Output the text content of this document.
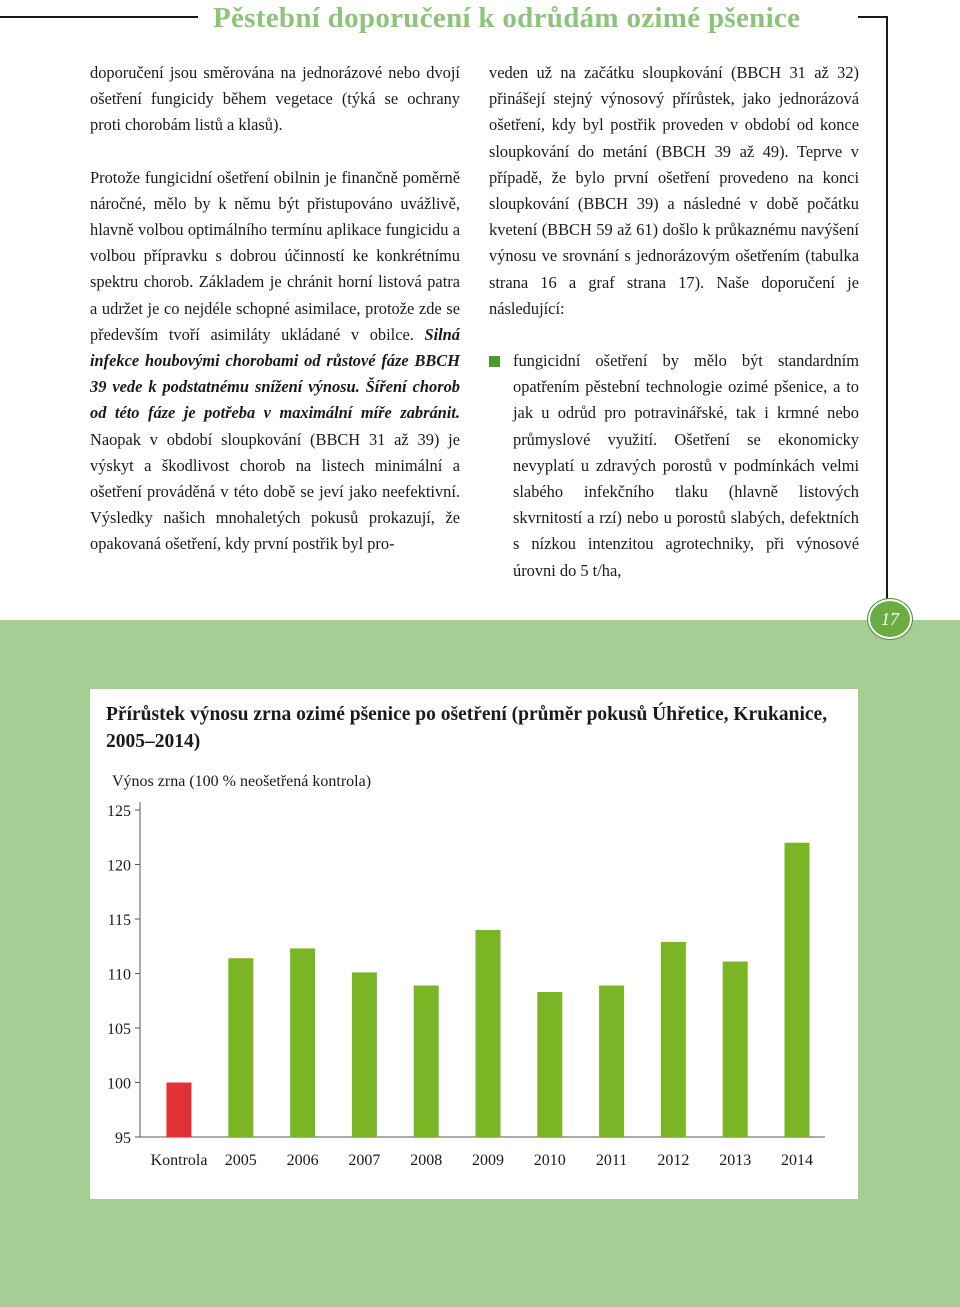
Pěstební doporučení k odrůdám ozimé pšenice

doporučení jsou směrována na jednorázové nebo dvojí ošetření fungicidy během vegetace (týká se ochrany proti chorobám listů a klasů).

Protože fungicidní ošetření obilnin je finančně poměrně náročné, mělo by k němu být přistupováno uvážlivě, hlavně volbou optimálního termínu aplikace fungicidu a volbou přípravku s dobrou účinností ke konkrétnímu spektru chorob. Základem je chránit horní listová patra a udržet je co nejdéle schopné asimilace, protože zde se především tvoří asimiláty ukládané v obilce. Silná infekce houbovými chorobami od růstové fáze BBCH 39 vede k podstatnému snížení výnosu. Šíření chorob od této fáze je potřeba v maximální míře zabránit. Naopak v období sloupkování (BBCH 31 až 39) je výskyt a škodlivost chorob na listech minimální a ošetření prováděná v této době se jeví jako neefektivní. Výsledky našich mnohaletých pokusů prokazují, že opakovaná ošetření, kdy první postřik byl pro-

veden už na začátku sloupkování (BBCH 31 až 32) přinášejí stejný výnosový přírůstek, jako jednorázová ošetření, kdy byl postřik proveden v období od konce sloupkování do metání (BBCH 39 až 49). Teprve v případě, že bylo první ošetření provedeno na konci sloupkování (BBCH 39) a následné v době počátku kvetení (BBCH 59 až 61) došlo k průkaznému navýšení výnosu ve srovnání s jednorázovým ošetřením (tabulka strana 16 a graf strana 17). Naše doporučení je následující:

fungicidní ošetření by mělo být standardním opatřením pěstební technologie ozimé pšenice, a to jak u odrůd pro potravinářské, tak i krmné nebo průmyslové využití. Ošetření se ekonomicky nevyplatí u zdravých porostů v podmínkách velmi slabého infekčního tlaku (hlavně listových skvrnitostí a rzí) nebo u porostů slabých, defektních s nízkou intenzitou agrotechniky, při výnosové úrovni do 5 t/ha,

17
Přírůstek výnosu zrna ozimé pšenice po ošetření (průměr pokusů Úhřetice, Krukanice, 2005–2014)
Výnos zrna (100 % neošetřená kontrola)
95
100
105
110
115
120
125
Kontrola 2005 2006 2007 2008 2009 2010 2011 2012 2013 2014
